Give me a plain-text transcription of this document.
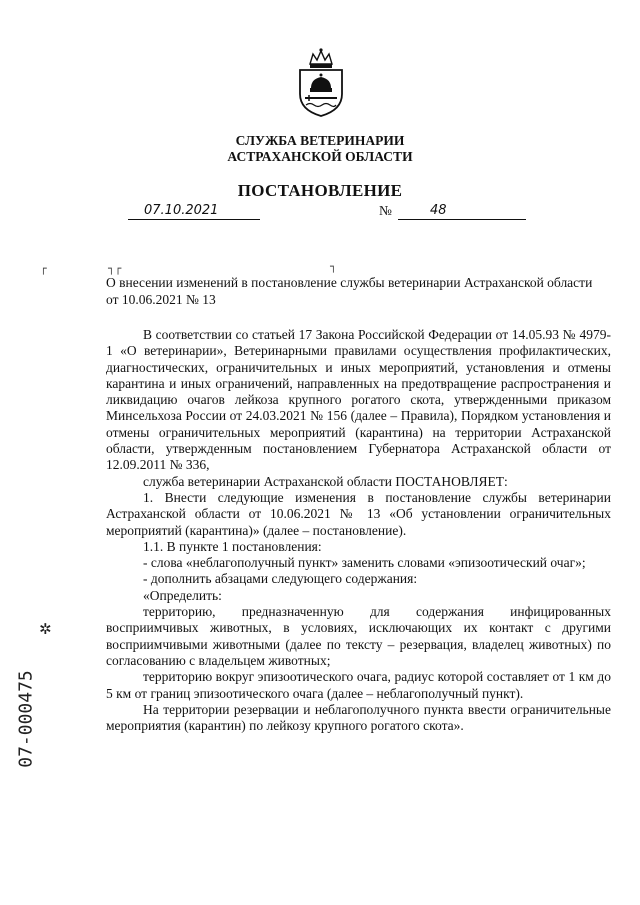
СЛУЖБА ВЕТЕРИНАРИИ
АСТРАХАНСКОЙ ОБЛАСТИ
ПОСТАНОВЛЕНИЕ
07.10.2021	№	48
┌	┐┌	┐
О внесении изменений в постановление службы ветеринарии Астраханской области от 10.06.2021 № 13

В соответствии со статьей 17 Закона Российской Федерации от 14.05.93 № 4979-1 «О ветеринарии», Ветеринарными правилами осуществления профилактических, диагностических, ограничительных и иных мероприятий, установления и отмены карантина и иных ограничений, направленных на предотвращение распространения и ликвидацию очагов лейкоза крупного рогатого скота, утвержденными приказом Минсельхоза России от 24.03.2021 № 156 (далее – Правила), Порядком установления и отмены ограничительных мероприятий (карантина) на территории Астраханской области, утвержденным постановлением Губернатора Астраханской области от 12.09.2011 № 336,

служба ветеринарии Астраханской области ПОСТАНОВЛЯЕТ:

1. Внести следующие изменения в постановление службы ветеринарии Астраханской области от 10.06.2021 № 13 «Об установлении ограничительных мероприятий (карантина)» (далее – постановление).

1.1. В пункте 1 постановления:

- слова «неблагополучный пункт» заменить словами «эпизоотический очаг»;

- дополнить абзацами следующего содержания:

«Определить:

территорию, предназначенную для содержания инфицированных восприимчивых животных, в условиях, исключающих их контакт с другими восприимчивыми животными (далее по тексту – резервация, владелец животных) по согласованию с владельцем животных;

территорию вокруг эпизоотического очага, радиус которой составляет от 1 км до 5 км от границ эпизоотического очага (далее – неблагополучный пункт).

На территории резервации и неблагополучного пункта ввести ограничительные мероприятия (карантин) по лейкозу крупного рогатого скота».

✲
07-000475
